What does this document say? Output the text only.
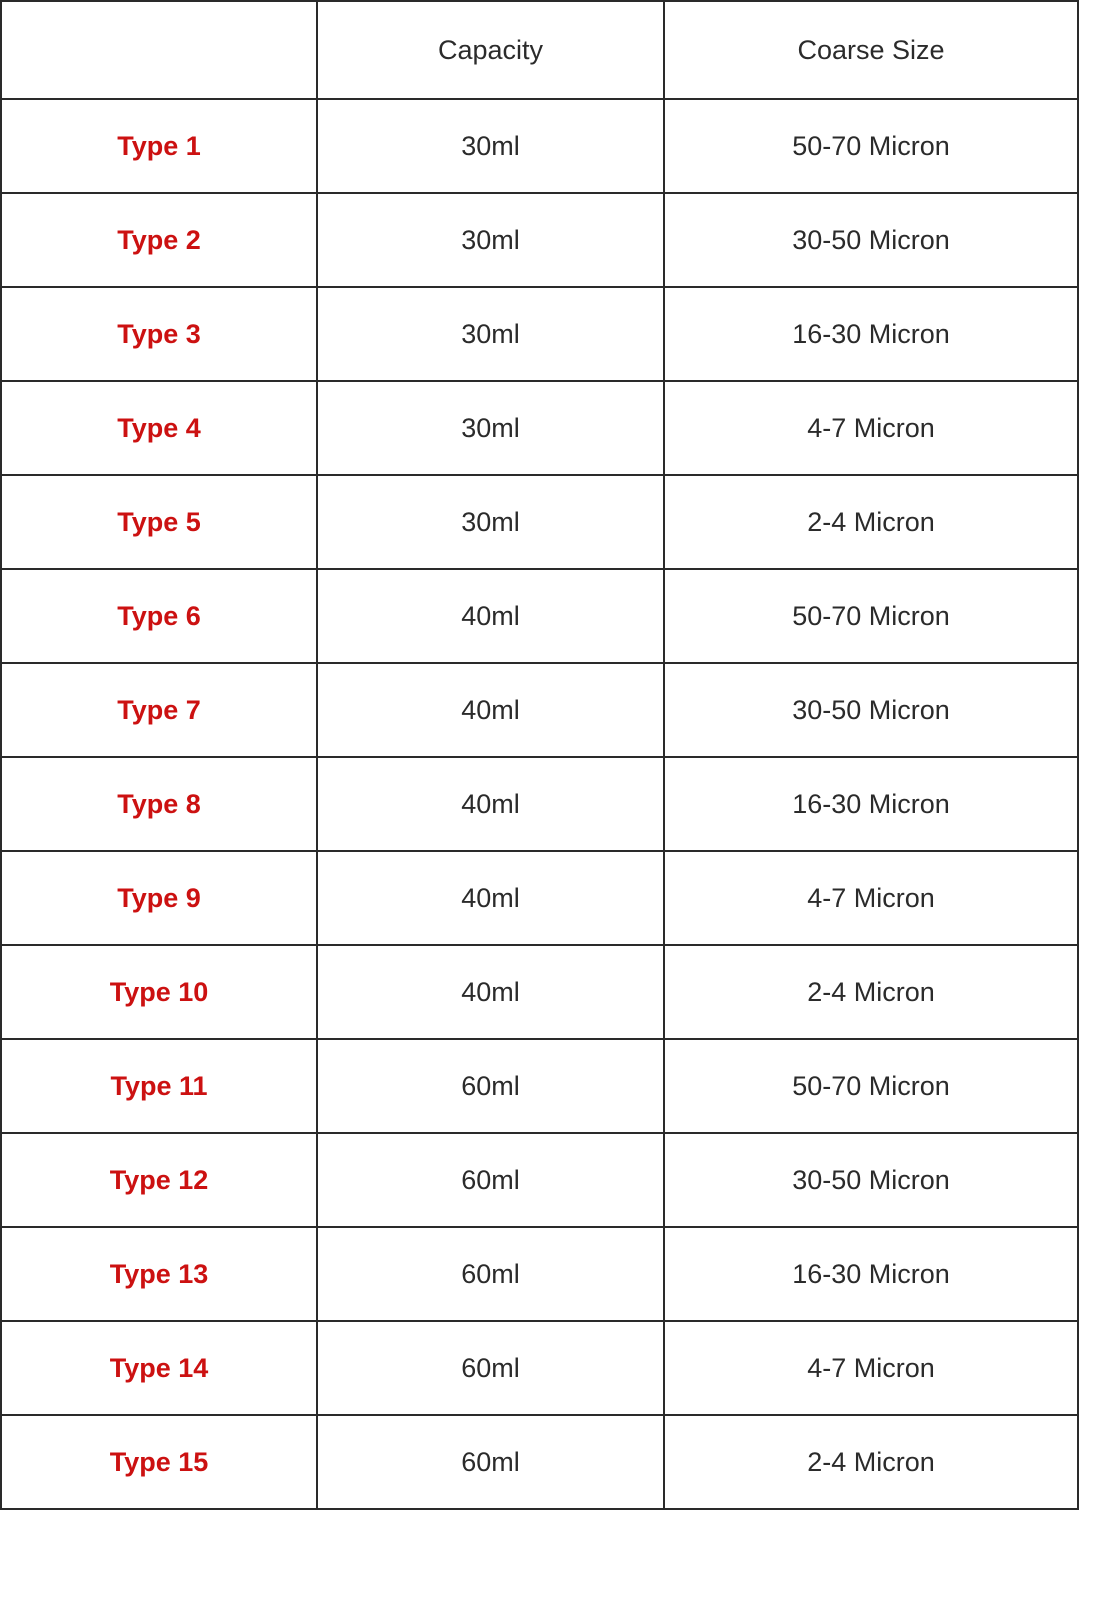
	Capacity	Coarse Size
Type 1	30ml	50-70 Micron
Type 2	30ml	30-50 Micron
Type 3	30ml	16-30 Micron
Type 4	30ml	4-7 Micron
Type 5	30ml	2-4 Micron
Type 6	40ml	50-70 Micron
Type 7	40ml	30-50 Micron
Type 8	40ml	16-30 Micron
Type 9	40ml	4-7 Micron
Type 10	40ml	2-4 Micron
Type 11	60ml	50-70 Micron
Type 12	60ml	30-50 Micron
Type 13	60ml	16-30 Micron
Type 14	60ml	4-7 Micron
Type 15	60ml	2-4 Micron
